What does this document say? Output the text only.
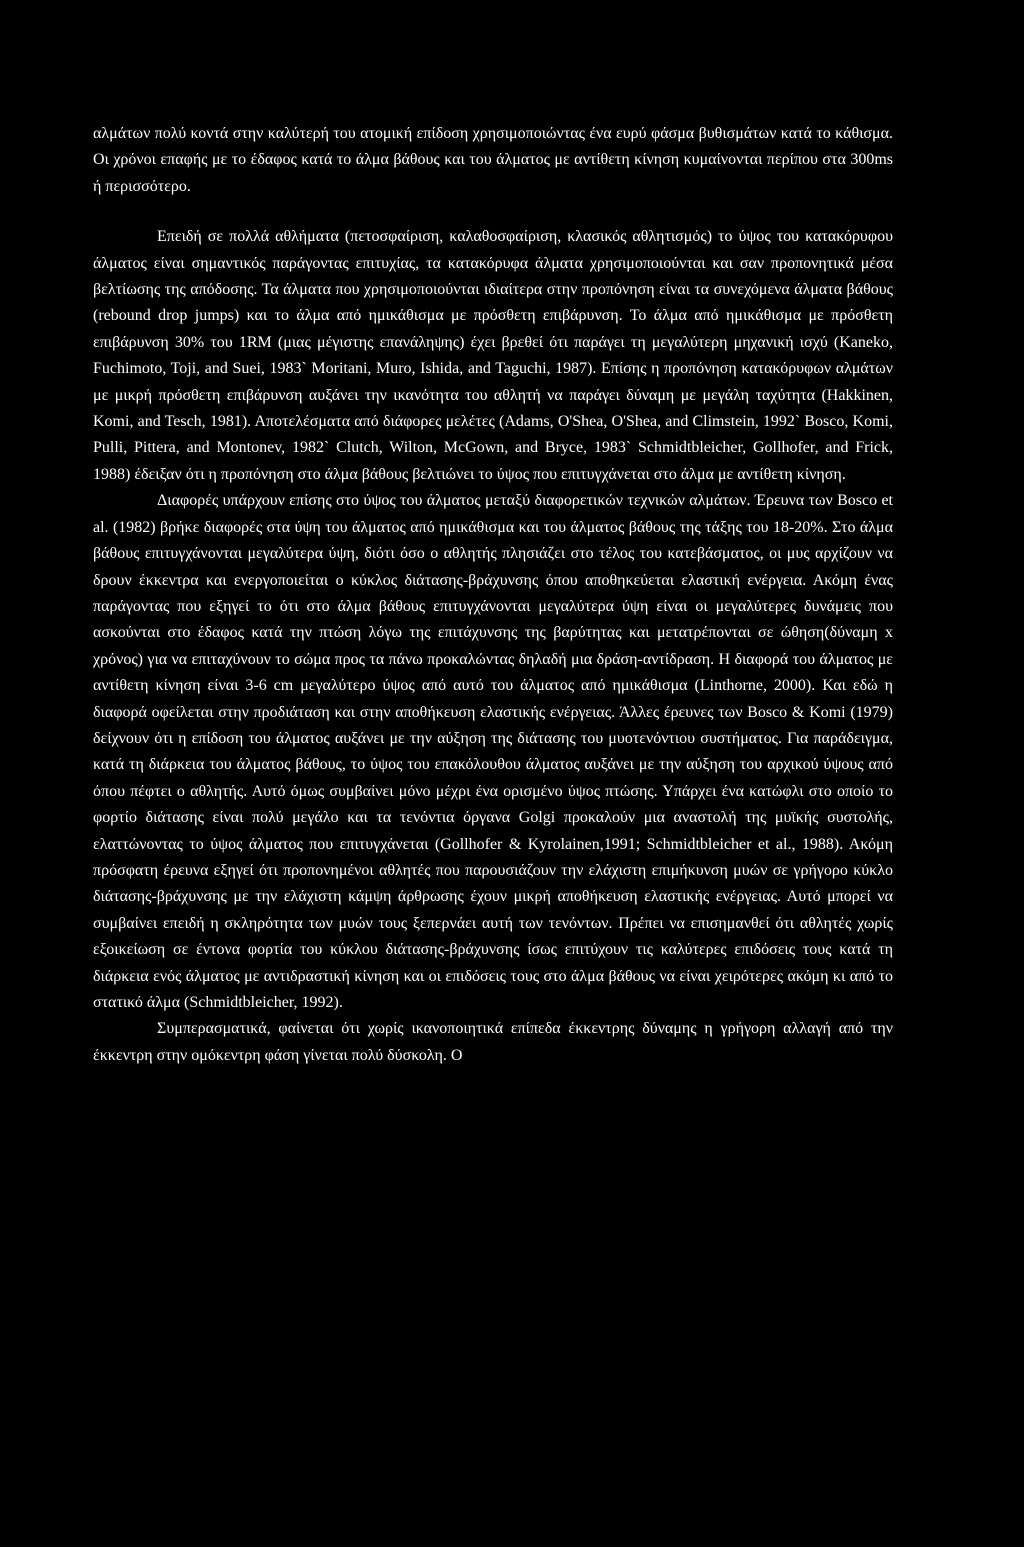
αλμάτων πολύ κοντά στην καλύτερή του ατομική επίδοση χρησιμοποιώντας ένα ευρύ φάσμα βυθισμάτων κατά το κάθισμα. Οι χρόνοι επαφής με το έδαφος κατά το άλμα βάθους και του άλματος με αντίθετη κίνηση κυμαίνονται περίπου στα 300ms ή περισσότερο.

Επειδή σε πολλά αθλήματα (πετοσφαίριση, καλαθοσφαίριση, κλασικός αθλητισμός) το ύψος του κατακόρυφου άλματος είναι σημαντικός παράγοντας επιτυχίας, τα κατακόρυφα άλματα χρησιμοποιούνται και σαν προπονητικά μέσα βελτίωσης της απόδοσης. Τα άλματα που χρησιμοποιούνται ιδιαίτερα στην προπόνηση είναι τα συνεχόμενα άλματα βάθους (rebound drop jumps) και το άλμα από ημικάθισμα με πρόσθετη επιβάρυνση. Το άλμα από ημικάθισμα με πρόσθετη επιβάρυνση 30% του 1RM (μιας μέγιστης επανάληψης) έχει βρεθεί ότι παράγει τη μεγαλύτερη μηχανική ισχύ (Kaneko, Fuchimoto, Toji, and Suei, 1983` Moritani, Muro, Ishida, and Taguchi, 1987). Επίσης η προπόνηση κατακόρυφων αλμάτων με μικρή πρόσθετη επιβάρυνση αυξάνει την ικανότητα του αθλητή να παράγει δύναμη με μεγάλη ταχύτητα (Hakkinen, Komi, and Tesch, 1981). Αποτελέσματα από διάφορες μελέτες (Adams, O'Shea, O'Shea, and Climstein, 1992` Bosco, Komi, Pulli, Pittera, and Montonev, 1982` Clutch, Wilton, McGown, and Bryce, 1983` Schmidtbleicher, Gollhofer, and Frick, 1988) έδειξαν ότι η προπόνηση στο άλμα βάθους βελτιώνει το ύψος που επιτυγχάνεται στο άλμα με αντίθετη κίνηση.

Διαφορές υπάρχουν επίσης στο ύψος του άλματος μεταξύ διαφορετικών τεχνικών αλμάτων. Έρευνα των Bosco et al. (1982) βρήκε διαφορές στα ύψη του άλματος από ημικάθισμα και του άλματος βάθους της τάξης του 18-20%. Στο άλμα βάθους επιτυγχάνονται μεγαλύτερα ύψη, διότι όσο ο αθλητής πλησιάζει στο τέλος του κατεβάσματος, οι μυς αρχίζουν να δρουν έκκεντρα και ενεργοποιείται ο κύκλος διάτασης-βράχυνσης όπου αποθηκεύεται ελαστική ενέργεια. Ακόμη ένας παράγοντας που εξηγεί το ότι στο άλμα βάθους επιτυγχάνονται μεγαλύτερα ύψη είναι οι μεγαλύτερες δυνάμεις που ασκούνται στο έδαφος κατά την πτώση λόγω της επιτάχυνσης της βαρύτητας και μετατρέπονται σε ώθηση(δύναμη x χρόνος) για να επιταχύνουν το σώμα προς τα πάνω προκαλώντας δηλαδή μια δράση-αντίδραση. Η διαφορά του άλματος με αντίθετη κίνηση είναι 3-6 cm μεγαλύτερο ύψος από αυτό του άλματος από ημικάθισμα (Linthorne, 2000). Και εδώ η διαφορά οφείλεται στην προδιάταση και στην αποθήκευση ελαστικής ενέργειας. Άλλες έρευνες των Bosco & Komi (1979) δείχνουν ότι η επίδοση του άλματος αυξάνει με την αύξηση της διάτασης του μυοτενόντιου συστήματος. Για παράδειγμα, κατά τη διάρκεια του άλματος βάθους, το ύψος του επακόλουθου άλματος αυξάνει με την αύξηση του αρχικού ύψους από όπου πέφτει ο αθλητής. Αυτό όμως συμβαίνει μόνο μέχρι ένα ορισμένο ύψος πτώσης. Υπάρχει ένα κατώφλι στο οποίο το φορτίο διάτασης είναι πολύ μεγάλο και τα τενόντια όργανα Golgi προκαλούν μια αναστολή της μυϊκής συστολής, ελαττώνοντας το ύψος άλματος που επιτυγχάνεται (Gollhofer & Kyrolainen,1991; Schmidtbleicher et al., 1988). Ακόμη πρόσφατη έρευνα εξηγεί ότι προπονημένοι αθλητές που παρουσιάζουν την ελάχιστη επιμήκυνση μυών σε γρήγορο κύκλο διάτασης-βράχυνσης με την ελάχιστη κάμψη άρθρωσης έχουν μικρή αποθήκευση ελαστικής ενέργειας. Αυτό μπορεί να συμβαίνει επειδή η σκληρότητα των μυών τους ξεπερνάει αυτή των τενόντων. Πρέπει να επισημανθεί ότι αθλητές χωρίς εξοικείωση σε έντονα φορτία του κύκλου διάτασης-βράχυνσης ίσως επιτύχουν τις καλύτερες επιδόσεις τους κατά τη διάρκεια ενός άλματος με αντιδραστική κίνηση και οι επιδόσεις τους στο άλμα βάθους να είναι χειρότερες ακόμη κι από το στατικό άλμα (Schmidtbleicher, 1992).

Συμπερασματικά, φαίνεται ότι χωρίς ικανοποιητικά επίπεδα έκκεντρης δύναμης η γρήγορη αλλαγή από την έκκεντρη στην ομόκεντρη φάση γίνεται πολύ δύσκολη. Ο
